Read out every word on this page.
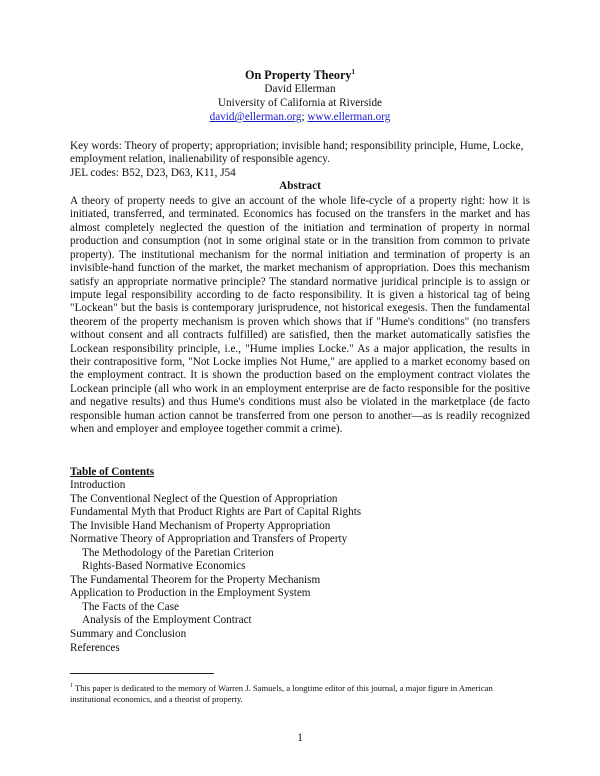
On Property Theory$^1$
David Ellerman
University of California at Riverside
david@ellerman.org; www.ellerman.org
Key words: Theory of property; appropriation; invisible hand; responsibility principle, Hume, Locke, employment relation, inalienability of responsible agency.
JEL codes: B52, D23, D63, K11, J54
Abstract
A theory of property needs to give an account of the whole life-cycle of a property right: how it is initiated, transferred, and terminated. Economics has focused on the transfers in the market and has almost completely neglected the question of the initiation and termination of property in normal production and consumption (not in some original state or in the transition from common to private property). The institutional mechanism for the normal initiation and termination of property is an invisible-hand function of the market, the market mechanism of appropriation. Does this mechanism satisfy an appropriate normative principle? The standard normative juridical principle is to assign or impute legal responsibility according to de facto responsibility. It is given a historical tag of being "Lockean" but the basis is contemporary jurisprudence, not historical exegesis. Then the fundamental theorem of the property mechanism is proven which shows that if "Hume's conditions" (no transfers without consent and all contracts fulfilled) are satisfied, then the market automatically satisfies the Lockean responsibility principle, i.e., "Hume implies Locke." As a major application, the results in their contrapositive form, "Not Locke implies Not Hume," are applied to a market economy based on the employment contract. It is shown the production based on the employment contract violates the Lockean principle (all who work in an employment enterprise are de facto responsible for the positive and negative results) and thus Hume's conditions must also be violated in the marketplace (de facto responsible human action cannot be transferred from one person to another—as is readily recognized when and employer and employee together commit a crime).
Table of Contents
Introduction
The Conventional Neglect of the Question of Appropriation
Fundamental Myth that Product Rights are Part of Capital Rights
The Invisible Hand Mechanism of Property Appropriation
Normative Theory of Appropriation and Transfers of Property
The Methodology of the Paretian Criterion
Rights-Based Normative Economics
The Fundamental Theorem for the Property Mechanism
Application to Production in the Employment System
The Facts of the Case
Analysis of the Employment Contract
Summary and Conclusion
References
$^1$ This paper is dedicated to the memory of Warren J. Samuels, a longtime editor of this journal, a major figure in American institutional economics, and a theorist of property.
1
